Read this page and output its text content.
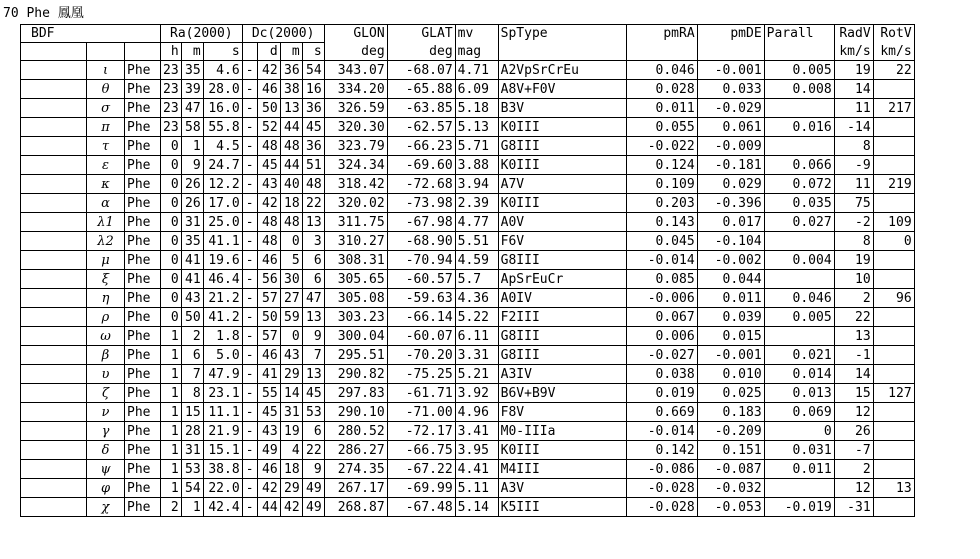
70 Phe 鳳凰
BDF			Ra(2000)			Dc(2000)				GLON	GLAT	mv	SpType	pmRA	pmDE	Parall	RadV	RotV
			h	m	s		d	m	s	deg	deg	mag					km/s	km/s
	ι	Phe	23	35	4.6	-	42	36	54	343.07	-68.07	4.71	A2VpSrCrEu	0.046	-0.001	0.005	19	22
	θ	Phe	23	39	28.0	-	46	38	16	334.20	-65.88	6.09	A8V+F0V	0.028	0.033	0.008	14	
	σ	Phe	23	47	16.0	-	50	13	36	326.59	-63.85	5.18	B3V	0.011	-0.029		11	217
	π	Phe	23	58	55.8	-	52	44	45	320.30	-62.57	5.13	K0III	0.055	0.061	0.016	-14	
	τ	Phe	0	1	4.5	-	48	48	36	323.79	-66.23	5.71	G8III	-0.022	-0.009		8	
	ε	Phe	0	9	24.7	-	45	44	51	324.34	-69.60	3.88	K0III	0.124	-0.181	0.066	-9	
	κ	Phe	0	26	12.2	-	43	40	48	318.42	-72.68	3.94	A7V	0.109	0.029	0.072	11	219
	α	Phe	0	26	17.0	-	42	18	22	320.02	-73.98	2.39	K0III	0.203	-0.396	0.035	75	
	λ1	Phe	0	31	25.0	-	48	48	13	311.75	-67.98	4.77	A0V	0.143	0.017	0.027	-2	109
	λ2	Phe	0	35	41.1	-	48	0	3	310.27	-68.90	5.51	F6V	0.045	-0.104		8	0
	μ	Phe	0	41	19.6	-	46	5	6	308.31	-70.94	4.59	G8III	-0.014	-0.002	0.004	19	
	ξ	Phe	0	41	46.4	-	56	30	6	305.65	-60.57	5.7	ApSrEuCr	0.085	0.044		10	
	η	Phe	0	43	21.2	-	57	27	47	305.08	-59.63	4.36	A0IV	-0.006	0.011	0.046	2	96
	ρ	Phe	0	50	41.2	-	50	59	13	303.23	-66.14	5.22	F2III	0.067	0.039	0.005	22	
	ω	Phe	1	2	1.8	-	57	0	9	300.04	-60.07	6.11	G8III	0.006	0.015		13	
	β	Phe	1	6	5.0	-	46	43	7	295.51	-70.20	3.31	G8III	-0.027	-0.001	0.021	-1	
	υ	Phe	1	7	47.9	-	41	29	13	290.82	-75.25	5.21	A3IV	0.038	0.010	0.014	14	
	ζ	Phe	1	8	23.1	-	55	14	45	297.83	-61.71	3.92	B6V+B9V	0.019	0.025	0.013	15	127
	ν	Phe	1	15	11.1	-	45	31	53	290.10	-71.00	4.96	F8V	0.669	0.183	0.069	12	
	γ	Phe	1	28	21.9	-	43	19	6	280.52	-72.17	3.41	M0-IIIa	-0.014	-0.209	0	26	
	δ	Phe	1	31	15.1	-	49	4	22	286.27	-66.75	3.95	K0III	0.142	0.151	0.031	-7	
	ψ	Phe	1	53	38.8	-	46	18	9	274.35	-67.22	4.41	M4III	-0.086	-0.087	0.011	2	
	φ	Phe	1	54	22.0	-	42	29	49	267.17	-69.99	5.11	A3V	-0.028	-0.032		12	13
	χ	Phe	2	1	42.4	-	44	42	49	268.87	-67.48	5.14	K5III	-0.028	-0.053	-0.019	-31	
